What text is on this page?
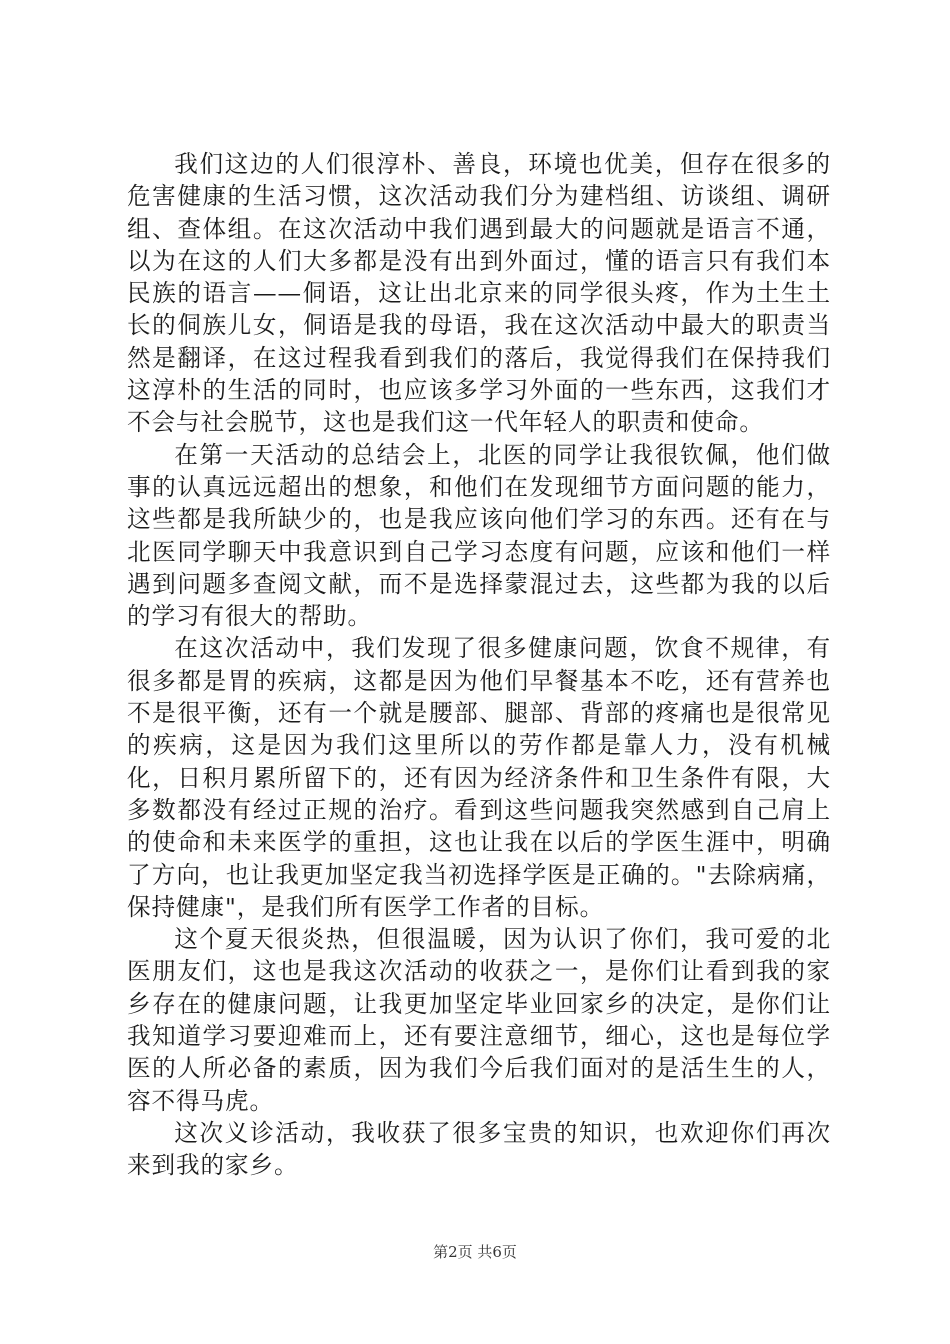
我们这边的人们很淳朴、善良，环境也优美，但存在很多的危害健康的生活习惯，这次活动我们分为建档组、访谈组、调研组、查体组。在这次活动中我们遇到最大的问题就是语言不通，以为在这的人们大多都是没有出到外面过，懂的语言只有我们本民族的语言——侗语，这让出北京来的同学很头疼，作为土生土长的侗族儿女，侗语是我的母语，我在这次活动中最大的职责当然是翻译，在这过程我看到我们的落后，我觉得我们在保持我们这淳朴的生活的同时，也应该多学习外面的一些东西，这我们才不会与社会脱节，这也是我们这一代年轻人的职责和使命。

在第一天活动的总结会上，北医的同学让我很钦佩，他们做事的认真远远超出的想象，和他们在发现细节方面问题的能力，这些都是我所缺少的，也是我应该向他们学习的东西。还有在与北医同学聊天中我意识到自己学习态度有问题，应该和他们一样遇到问题多查阅文献，而不是选择蒙混过去，这些都为我的以后的学习有很大的帮助。

在这次活动中，我们发现了很多健康问题，饮食不规律，有很多都是胃的疾病，这都是因为他们早餐基本不吃，还有营养也不是很平衡，还有一个就是腰部、腿部、背部的疼痛也是很常见的疾病，这是因为我们这里所以的劳作都是靠人力，没有机械化，日积月累所留下的，还有因为经济条件和卫生条件有限，大多数都没有经过正规的治疗。看到这些问题我突然感到自己肩上的使命和未来医学的重担，这也让我在以后的学医生涯中，明确了方向，也让我更加坚定我当初选择学医是正确的。"去除病痛，保持健康"，是我们所有医学工作者的目标。

这个夏天很炎热，但很温暖，因为认识了你们，我可爱的北医朋友们，这也是我这次活动的收获之一，是你们让看到我的家乡存在的健康问题，让我更加坚定毕业回家乡的决定，是你们让我知道学习要迎难而上，还有要注意细节，细心，这也是每位学医的人所必备的素质，因为我们今后我们面对的是活生生的人，容不得马虎。

这次义诊活动，我收获了很多宝贵的知识，也欢迎你们再次来到我的家乡。

第2页 共6页
